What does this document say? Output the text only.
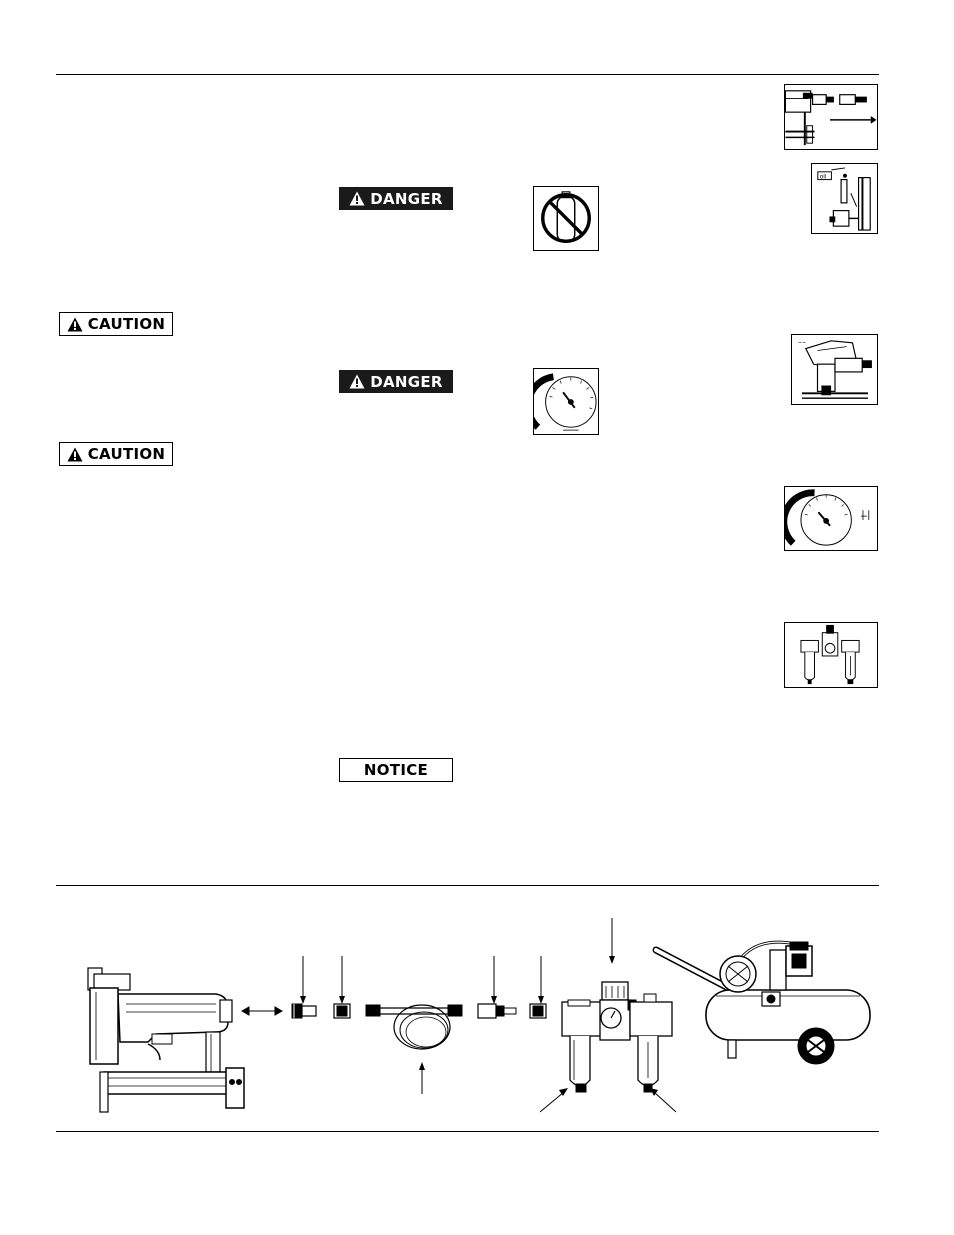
DANGER
DANGER
CAUTION
CAUTION
NOTICE
oil
~~
